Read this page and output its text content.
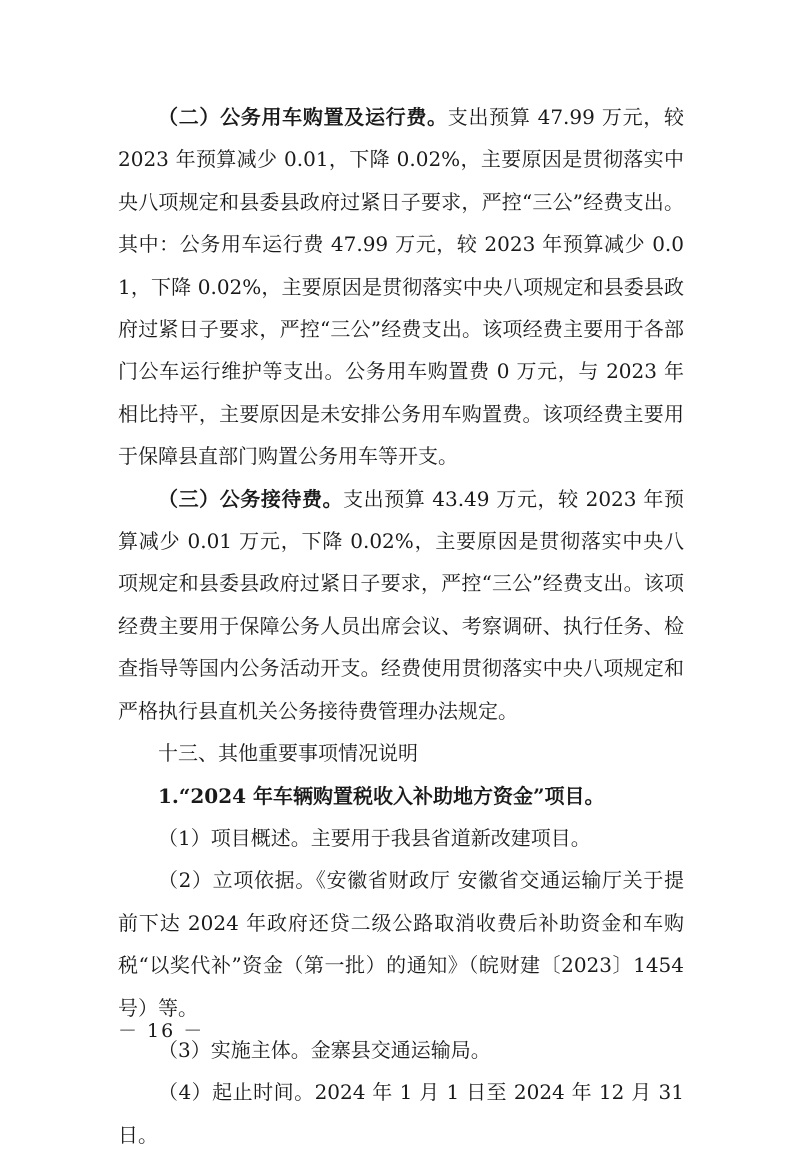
（二）公务用车购置及运行费。支出预算 47.99 万元，较 2023 年预算减少 0.01，下降 0.02%，主要原因是贯彻落实中央八项规定和县委县政府过紧日子要求，严控“三公”经费支出。其中：公务用车运行费 47.99 万元，较 2023 年预算减少 0.01，下降 0.02%，主要原因是贯彻落实中央八项规定和县委县政府过紧日子要求，严控“三公”经费支出。该项经费主要用于各部门公车运行维护等支出。公务用车购置费 0 万元，与 2023 年相比持平，主要原因是未安排公务用车购置费。该项经费主要用于保障县直部门购置公务用车等开支。

（三）公务接待费。支出预算 43.49 万元，较 2023 年预算减少 0.01 万元，下降 0.02%，主要原因是贯彻落实中央八项规定和县委县政府过紧日子要求，严控“三公”经费支出。该项经费主要用于保障公务人员出席会议、考察调研、执行任务、检查指导等国内公务活动开支。经费使用贯彻落实中央八项规定和严格执行县直机关公务接待费管理办法规定。

十三、其他重要事项情况说明

1.“2024 年车辆购置税收入补助地方资金”项目。

（1）项目概述。主要用于我县省道新改建项目。

（2）立项依据。《安徽省财政厅 安徽省交通运输厅关于提前下达 2024 年政府还贷二级公路取消收费后补助资金和车购税“以奖代补”资金（第一批）的通知》（皖财建〔2023〕1454 号）等。

（3）实施主体。金寨县交通运输局。

（4）起止时间。2024 年 1 月 1 日至 2024 年 12 月 31 日。

－ 16 －
